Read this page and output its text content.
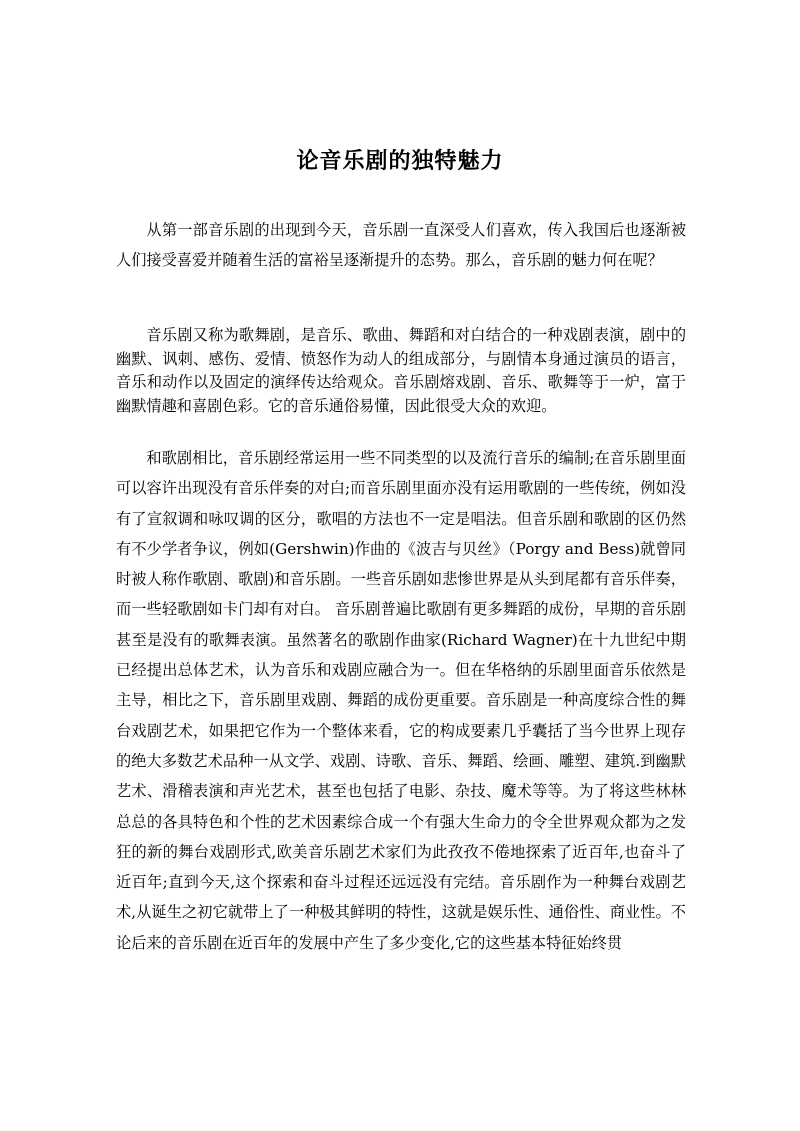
论音乐剧的独特魅力

从第一部音乐剧的出现到今天，音乐剧一直深受人们喜欢，传入我国后也逐渐被人们接受喜爱并随着生活的富裕呈逐渐提升的态势。那么，音乐剧的魅力何在呢？

音乐剧又称为歌舞剧，是音乐、歌曲、舞蹈和对白结合的一种戏剧表演，剧中的幽默、讽刺、感伤、爱情、愤怒作为动人的组成部分，与剧情本身通过演员的语言，音乐和动作以及固定的演绎传达给观众。音乐剧熔戏剧、音乐、歌舞等于一炉，富于幽默情趣和喜剧色彩。它的音乐通俗易懂，因此很受大众的欢迎。

和歌剧相比，音乐剧经常运用一些不同类型的以及流行音乐的编制;在音乐剧里面可以容许出现没有音乐伴奏的对白;而音乐剧里面亦没有运用歌剧的一些传统，例如没有了宣叙调和咏叹调的区分，歌唱的方法也不一定是唱法。但音乐剧和歌剧的区仍然有不少学者争议，例如(Gershwin)作曲的《波吉与贝丝》（Porgy and Bess)就曾同时被人称作歌剧、歌剧)和音乐剧。一些音乐剧如悲惨世界是从头到尾都有音乐伴奏，而一些轻歌剧如卡门却有对白。 音乐剧普遍比歌剧有更多舞蹈的成份，早期的音乐剧甚至是没有的歌舞表演。虽然著名的歌剧作曲家(Richard Wagner)在十九世纪中期已经提出总体艺术，认为音乐和戏剧应融合为一。但在华格纳的乐剧里面音乐依然是主导，相比之下，音乐剧里戏剧、舞蹈的成份更重要。音乐剧是一种高度综合性的舞台戏剧艺术，如果把它作为一个整体来看，它的构成要素几乎囊括了当今世界上现存的绝大多数艺术品种一从文学、戏剧、诗歌、音乐、舞蹈、绘画、雕塑、建筑.到幽默艺术、滑稽表演和声光艺术，甚至也包括了电影、杂技、魔术等等。为了将这些林林总总的各具特色和个性的艺术因素综合成一个有强大生命力的令全世界观众都为之发狂的新的舞台戏剧形式,欧美音乐剧艺术家们为此孜孜不倦地探索了近百年,也奋斗了近百年;直到今天,这个探索和奋斗过程还远远没有完结。音乐剧作为一种舞台戏剧艺术,从诞生之初它就带上了一种极其鲜明的特性，这就是娱乐性、通俗性、商业性。不论后来的音乐剧在近百年的发展中产生了多少变化,它的这些基本特征始终贯
